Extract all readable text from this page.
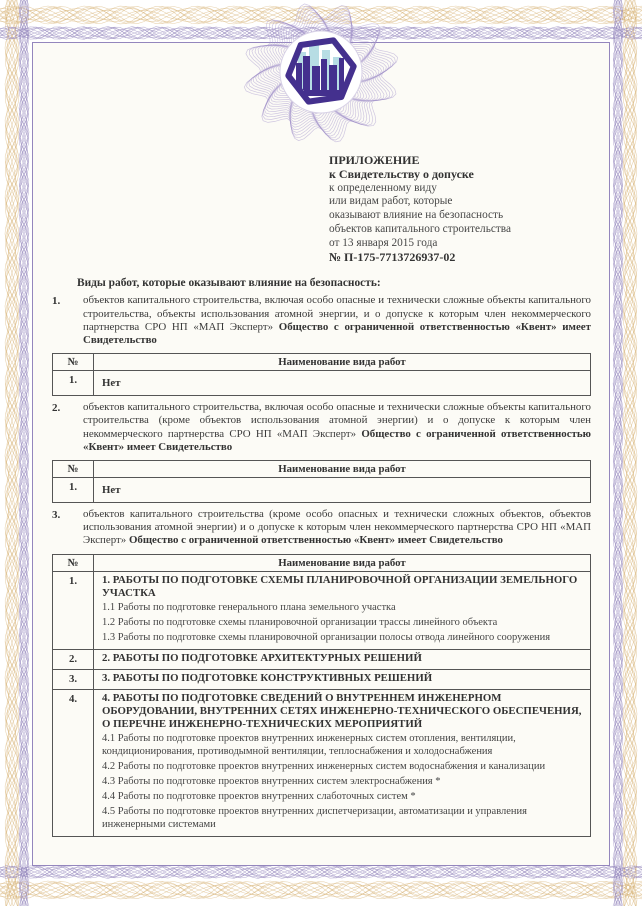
ПРИЛОЖЕНИЕ
к Свидетельству о допуске
к определенному виду
или видам работ, которые
оказывают влияние на безопасность
объектов капитального строительства
от 13 января 2015 года
№ П-175-7713726937-02
Виды работ, которые оказывают влияние на безопасность:
1.	объектов капитального строительства, включая особо опасные и технически сложные объекты капитального строительства, объекты использования атомной энергии, и о допуске к которым член некоммерческого партнерства СРО НП «МАП Эксперт» Общество с ограниченной ответственностью «Квент» имеет Свидетельство
№	Наименование вида работ
1.	Нет
2.	объектов капитального строительства, включая особо опасные и технически сложные объекты капитального строительства (кроме объектов использования атомной энергии) и о допуске к которым член некоммерческого партнерства СРО НП «МАП Эксперт» Общество с ограниченной ответственностью «Квент» имеет Свидетельство
№	Наименование вида работ
1.	Нет
3.	объектов капитального строительства (кроме особо опасных и технически сложных объектов, объектов использования атомной энергии) и о допуске к которым член некоммерческого партнерства СРО НП «МАП Эксперт» Общество с ограниченной ответственностью «Квент» имеет Свидетельство
№	Наименование вида работ
1.	1. РАБОТЫ ПО ПОДГОТОВКЕ СХЕМЫ ПЛАНИРОВОЧНОЙ ОРГАНИЗАЦИИ ЗЕМЕЛЬНОГО УЧАСТКА
1.1 Работы по подготовке генерального плана земельного участка
1.2 Работы по подготовке схемы планировочной организации трассы линейного объекта
1.3 Работы по подготовке схемы планировочной организации полосы отвода линейного сооружения

2.	2. РАБОТЫ ПО ПОДГОТОВКЕ АРХИТЕКТУРНЫХ РЕШЕНИЙ

3.	3. РАБОТЫ ПО ПОДГОТОВКЕ КОНСТРУКТИВНЫХ РЕШЕНИЙ

4.	4. РАБОТЫ ПО ПОДГОТОВКЕ СВЕДЕНИЙ О ВНУТРЕННЕМ ИНЖЕНЕРНОМ ОБОРУДОВАНИИ, ВНУТРЕННИХ СЕТЯХ ИНЖЕНЕРНО-ТЕХНИЧЕСКОГО ОБЕСПЕЧЕНИЯ, О ПЕРЕЧНЕ ИНЖЕНЕРНО-ТЕХНИЧЕСКИХ МЕРОПРИЯТИЙ
4.1 Работы по подготовке проектов внутренних инженерных систем отопления, вентиляции, кондиционирования, противодымной вентиляции, теплоснабжения и холодоснабжения
4.2 Работы по подготовке проектов внутренних инженерных систем водоснабжения и канализации
4.3 Работы по подготовке проектов внутренних систем электроснабжения *
4.4 Работы по подготовке проектов внутренних слаботочных систем *
4.5 Работы по подготовке проектов внутренних диспетчеризации, автоматизации и управления инженерными системами
